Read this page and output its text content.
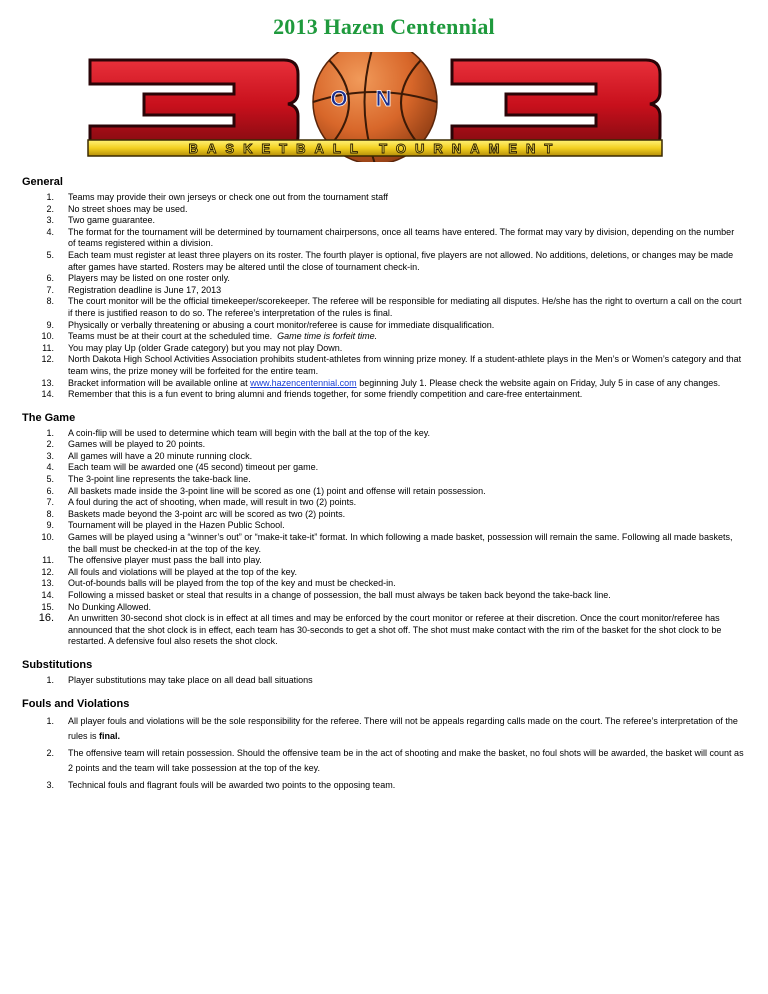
2013 Hazen Centennial
ON
BASKETBALL TOURNAMENT
General
1. Teams may provide their own jerseys or check one out from the tournament staff
2. No street shoes may be used.
3. Two game guarantee.
4. The format for the tournament will be determined by tournament chairpersons, once all teams have entered. The format may vary by division, depending on the number of teams registered within a division.
5. Each team must register at least three players on its roster. The fourth player is optional, five players are not allowed. No additions, deletions, or changes may be made after games have started. Rosters may be altered until the close of tournament check-in.
6. Players may be listed on one roster only.
7. Registration deadline is June 17, 2013
8. The court monitor will be the official timekeeper/scorekeeper. The referee will be responsible for mediating all disputes. He/she has the right to overturn a call on the court if there is justified reason to do so. The referee’s interpretation of the rules is final.
9. Physically or verbally threatening or abusing a court monitor/referee is cause for immediate disqualification.
10. Teams must be at their court at the scheduled time. Game time is forfeit time.
11. You may play Up (older Grade category) but you may not play Down.
12. North Dakota High School Activities Association prohibits student-athletes from winning prize money. If a student-athlete plays in the Men’s or Women’s category and that team wins, the prize money will be forfeited for the entire team.
13. Bracket information will be available online at www.hazencentennial.com beginning July 1. Please check the website again on Friday, July 5 in case of any changes.
14. Remember that this is a fun event to bring alumni and friends together, for some friendly competition and care-free entertainment.
The Game
1. A coin-flip will be used to determine which team will begin with the ball at the top of the key.
2. Games will be played to 20 points.
3. All games will have a 20 minute running clock.
4. Each team will be awarded one (45 second) timeout per game.
5. The 3-point line represents the take-back line.
6. All baskets made inside the 3-point line will be scored as one (1) point and offense will retain possession.
7. A foul during the act of shooting, when made, will result in two (2) points.
8. Baskets made beyond the 3-point arc will be scored as two (2) points.
9. Tournament will be played in the Hazen Public School.
10. Games will be played using a “winner’s out” or “make-it take-it” format. In which following a made basket, possession will remain the same. Following all made baskets, the ball must be checked-in at the top of the key.
11. The offensive player must pass the ball into play.
12. All fouls and violations will be played at the top of the key.
13. Out-of-bounds balls will be played from the top of the key and must be checked-in.
14. Following a missed basket or steal that results in a change of possession, the ball must always be taken back beyond the take-back line.
15. No Dunking Allowed.
16. An unwritten 30-second shot clock is in effect at all times and may be enforced by the court monitor or referee at their discretion. Once the court monitor/referee has announced that the shot clock is in effect, each team has 30-seconds to get a shot off. The shot must make contact with the rim of the basket for the shot clock to be restarted. A defensive foul also resets the shot clock.
Substitutions
1. Player substitutions may take place on all dead ball situations
Fouls and Violations
1. All player fouls and violations will be the sole responsibility for the referee. There will not be appeals regarding calls made on the court. The referee’s interpretation of the rules is final.
2. The offensive team will retain possession. Should the offensive team be in the act of shooting and make the basket, no foul shots will be awarded, the basket will count as 2 points and the team will take possession at the top of the key.
3. Technical fouls and flagrant fouls will be awarded two points to the opposing team.
